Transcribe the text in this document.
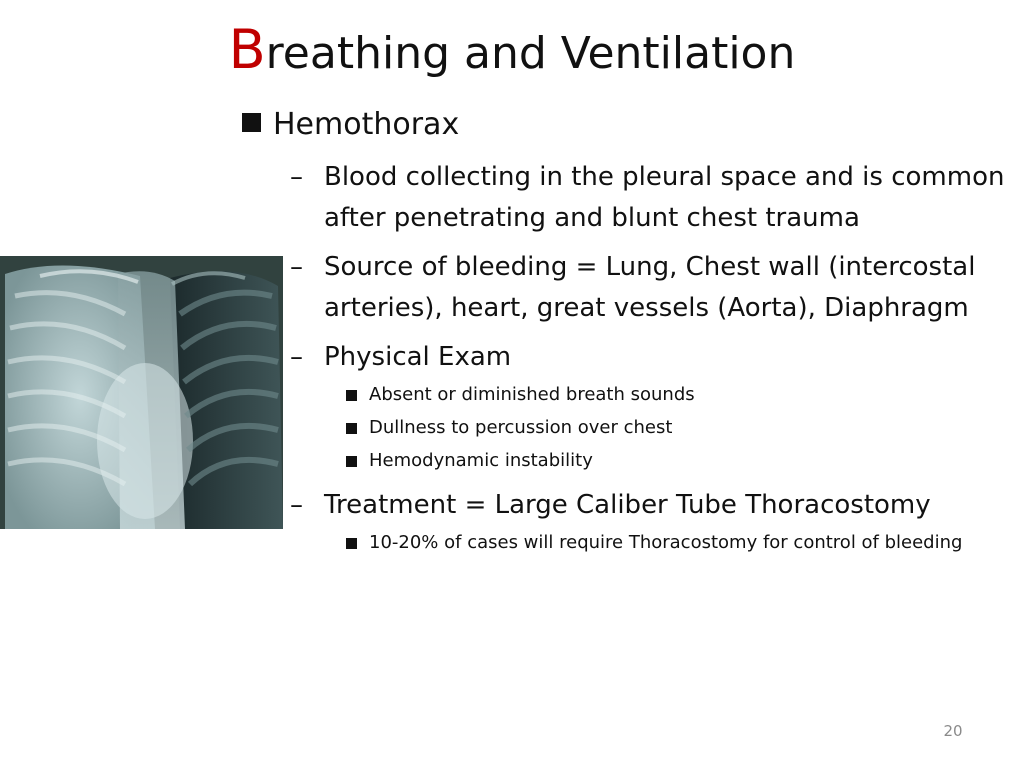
Breathing and Ventilation
Hemothorax
– Blood collecting in the pleural space and is common after penetrating and blunt chest trauma
– Source of bleeding = Lung, Chest wall (intercostal arteries), heart, great vessels (Aorta), Diaphragm
– Physical Exam
Absent or diminished breath sounds
Dullness to percussion over chest
Hemodynamic instability
– Treatment = Large Caliber Tube Thoracostomy
10-20% of cases will require Thoracostomy for control of bleeding
20
